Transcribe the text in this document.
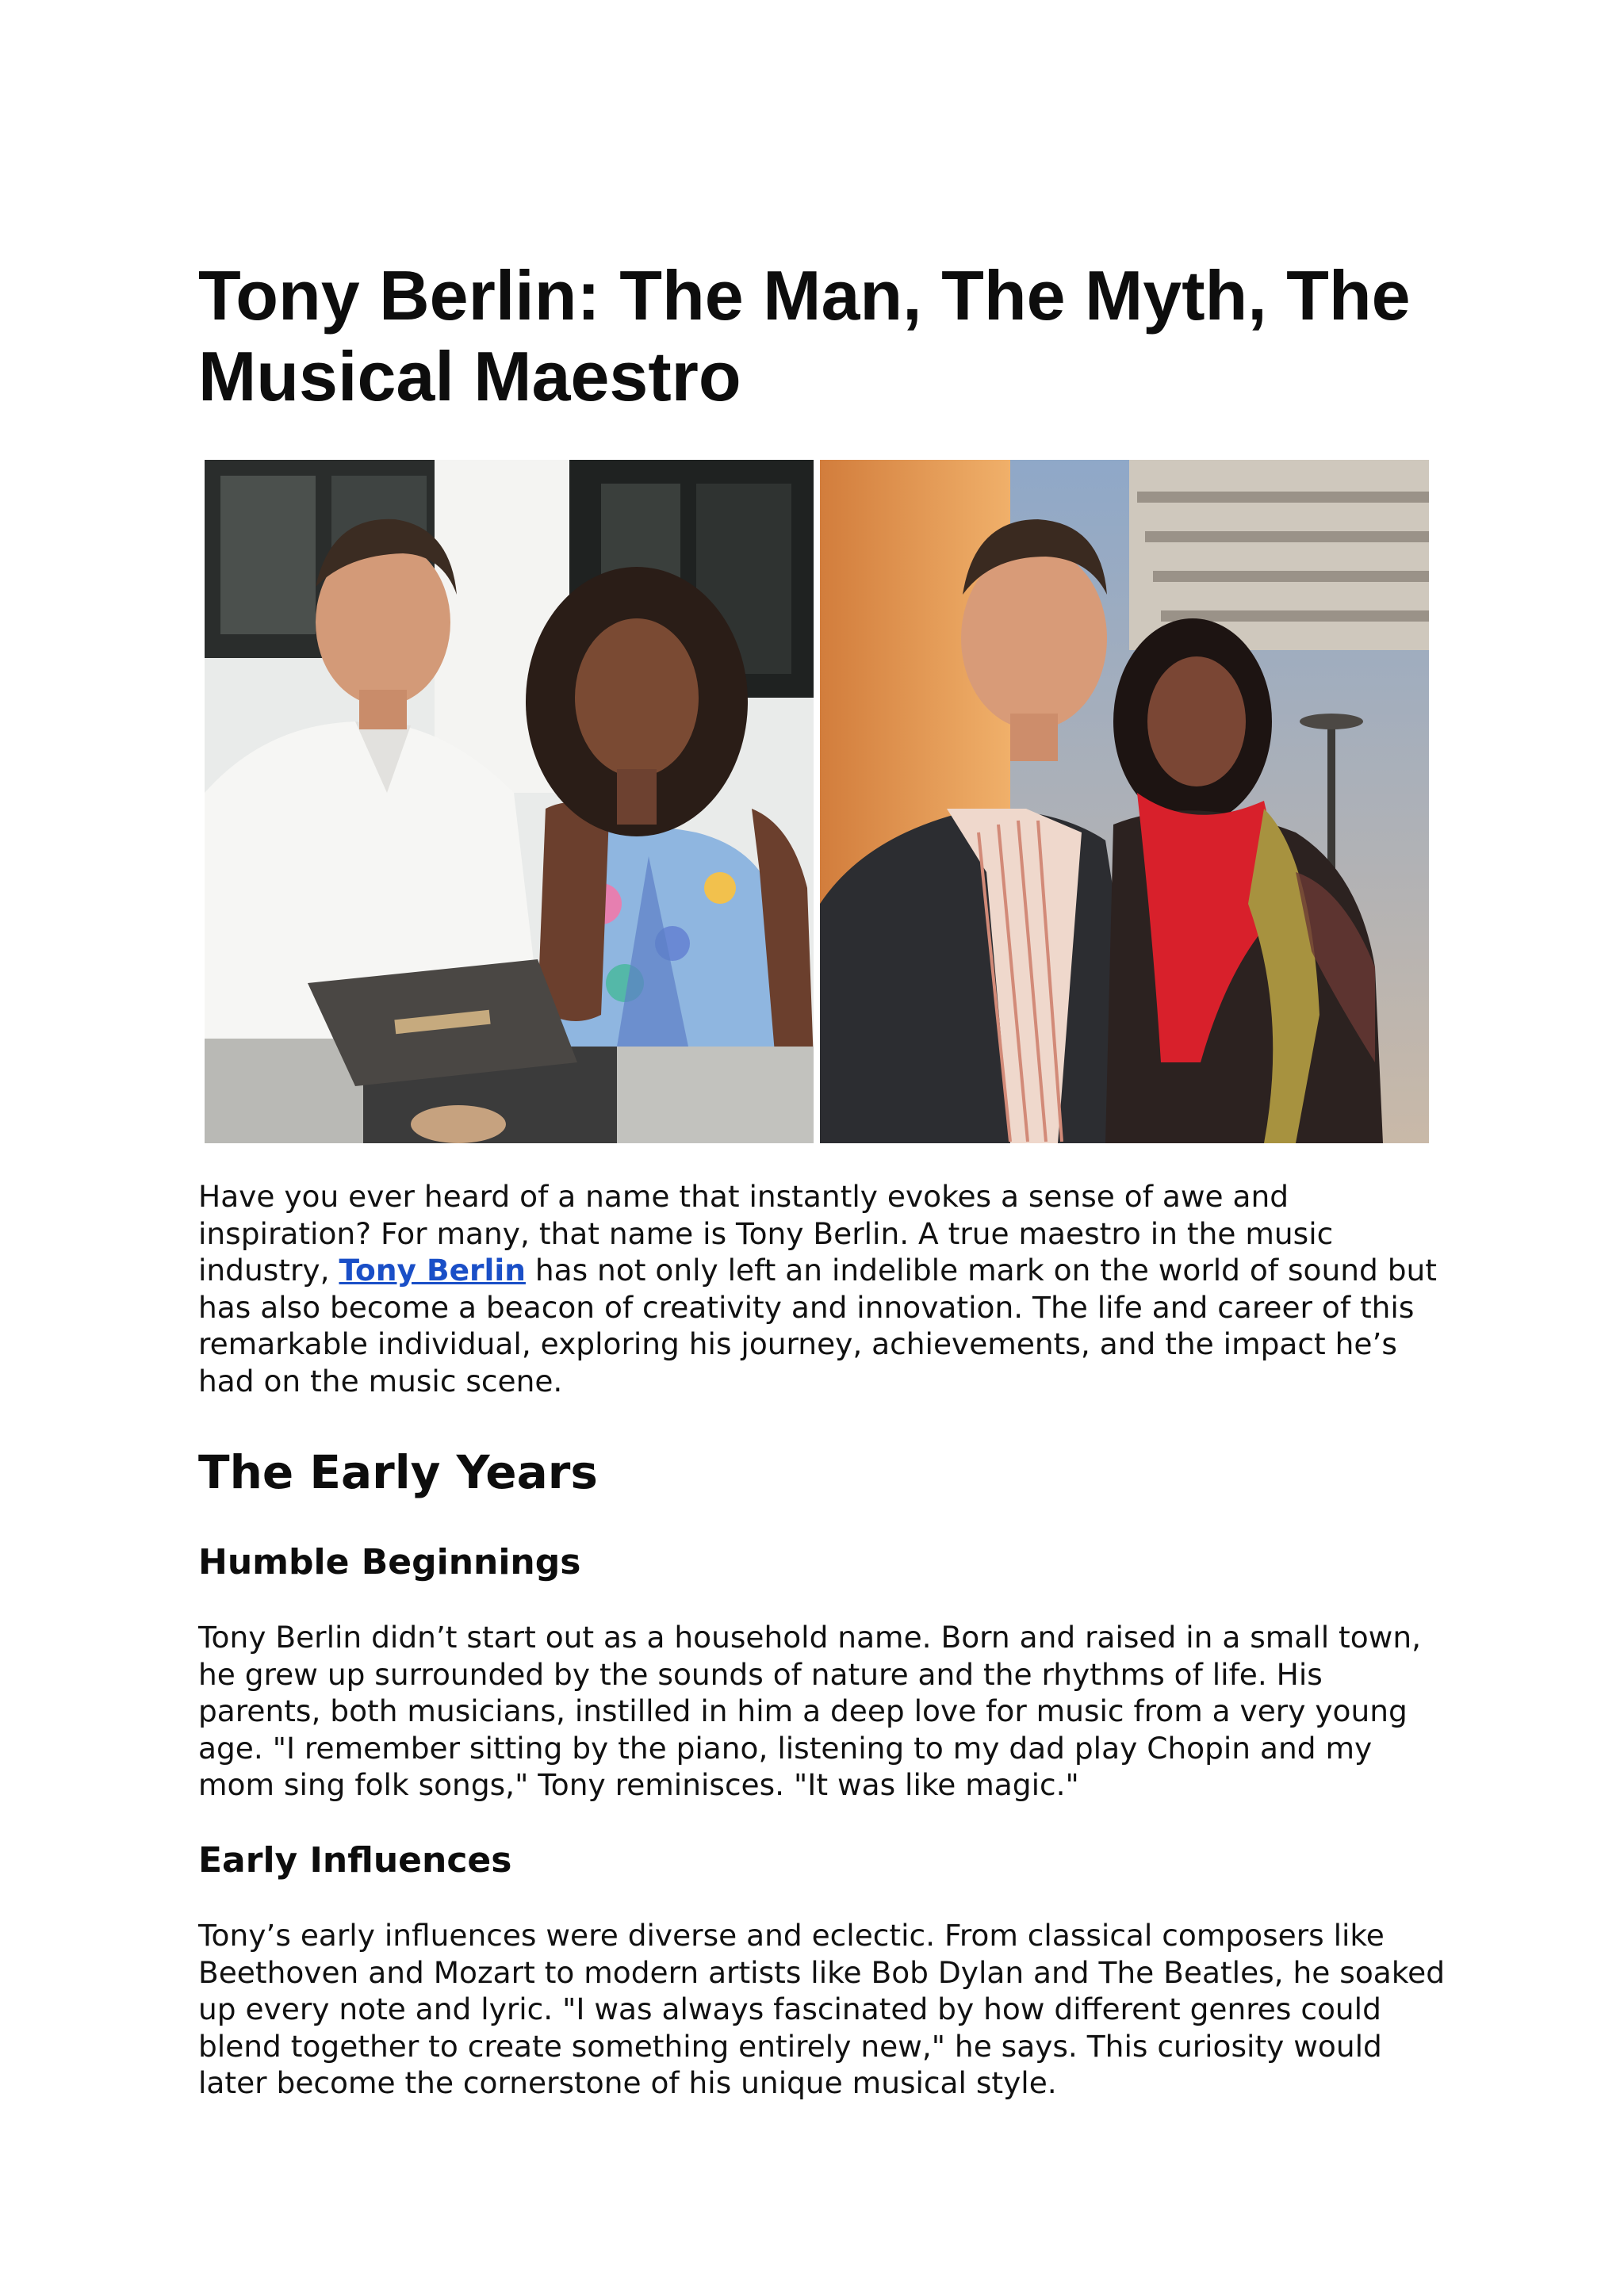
Tony Berlin: The Man, The Myth, The Musical Maestro

Have you ever heard of a name that instantly evokes a sense of awe and inspiration? For many, that name is Tony Berlin. A true maestro in the music industry, Tony Berlin has not only left an indelible mark on the world of sound but has also become a beacon of creativity and innovation. The life and career of this remarkable individual, exploring his journey, achievements, and the impact he’s had on the music scene.

The Early Years
Humble Beginnings

Tony Berlin didn’t start out as a household name. Born and raised in a small town, he grew up surrounded by the sounds of nature and the rhythms of life. His parents, both musicians, instilled in him a deep love for music from a very young age. "I remember sitting by the piano, listening to my dad play Chopin and my mom sing folk songs," Tony reminisces. "It was like magic."

Early Influences

Tony’s early influences were diverse and eclectic. From classical composers like Beethoven and Mozart to modern artists like Bob Dylan and The Beatles, he soaked up every note and lyric. "I was always fascinated by how different genres could blend together to create something entirely new," he says. This curiosity would later become the cornerstone of his unique musical style.
